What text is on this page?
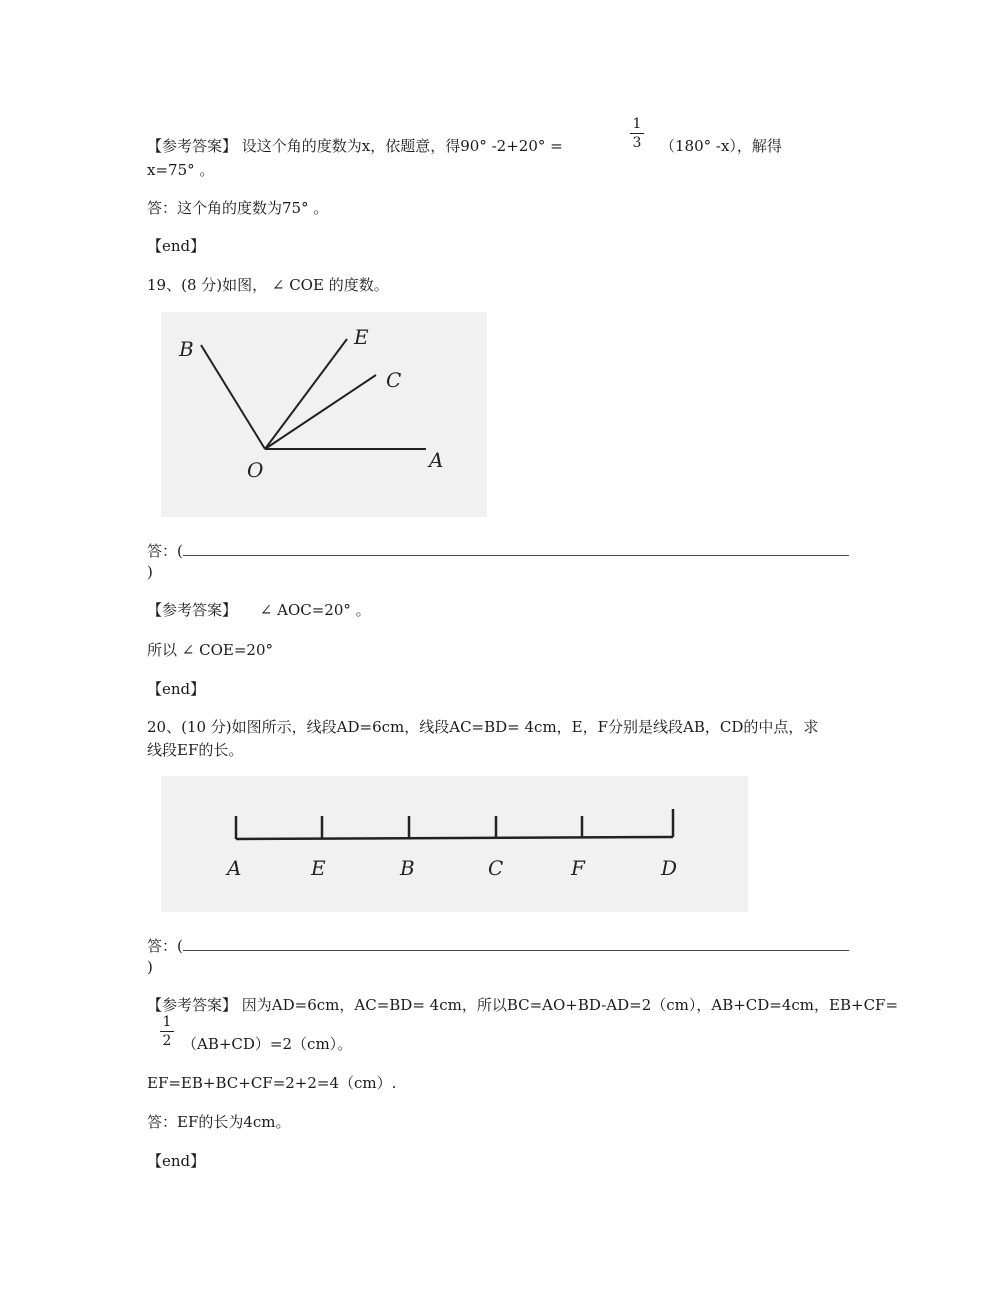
【参考答案】 设这个角的度数为x，依题意，得90° -2+20° =
1
3 （180° -x），解得
x=75° 。
答：这个角的度数为75° 。
【end】
19、(8 分)如图， ∠ COE 的度数。
B	E
C
O	A
答：(
)
【参考答案】 ∠ AOC=20° 。
所以 ∠ COE=20°
【end】
20、(10 分)如图所示，线段AD=6cm，线段AC=BD= 4cm，E，F分别是线段AB，CD的中点，求
线段EF的长。
A	E	B	C	F	D
答：(
)
【参考答案】 因为AD=6cm，AC=BD= 4cm，所以BC=AO+BD-AD=2（cm），AB+CD=4cm，EB+CF=
1
2 （AB+CD）=2（cm）。
EF=EB+BC+CF=2+2=4（cm）.
答：EF的长为4cm。
【end】
